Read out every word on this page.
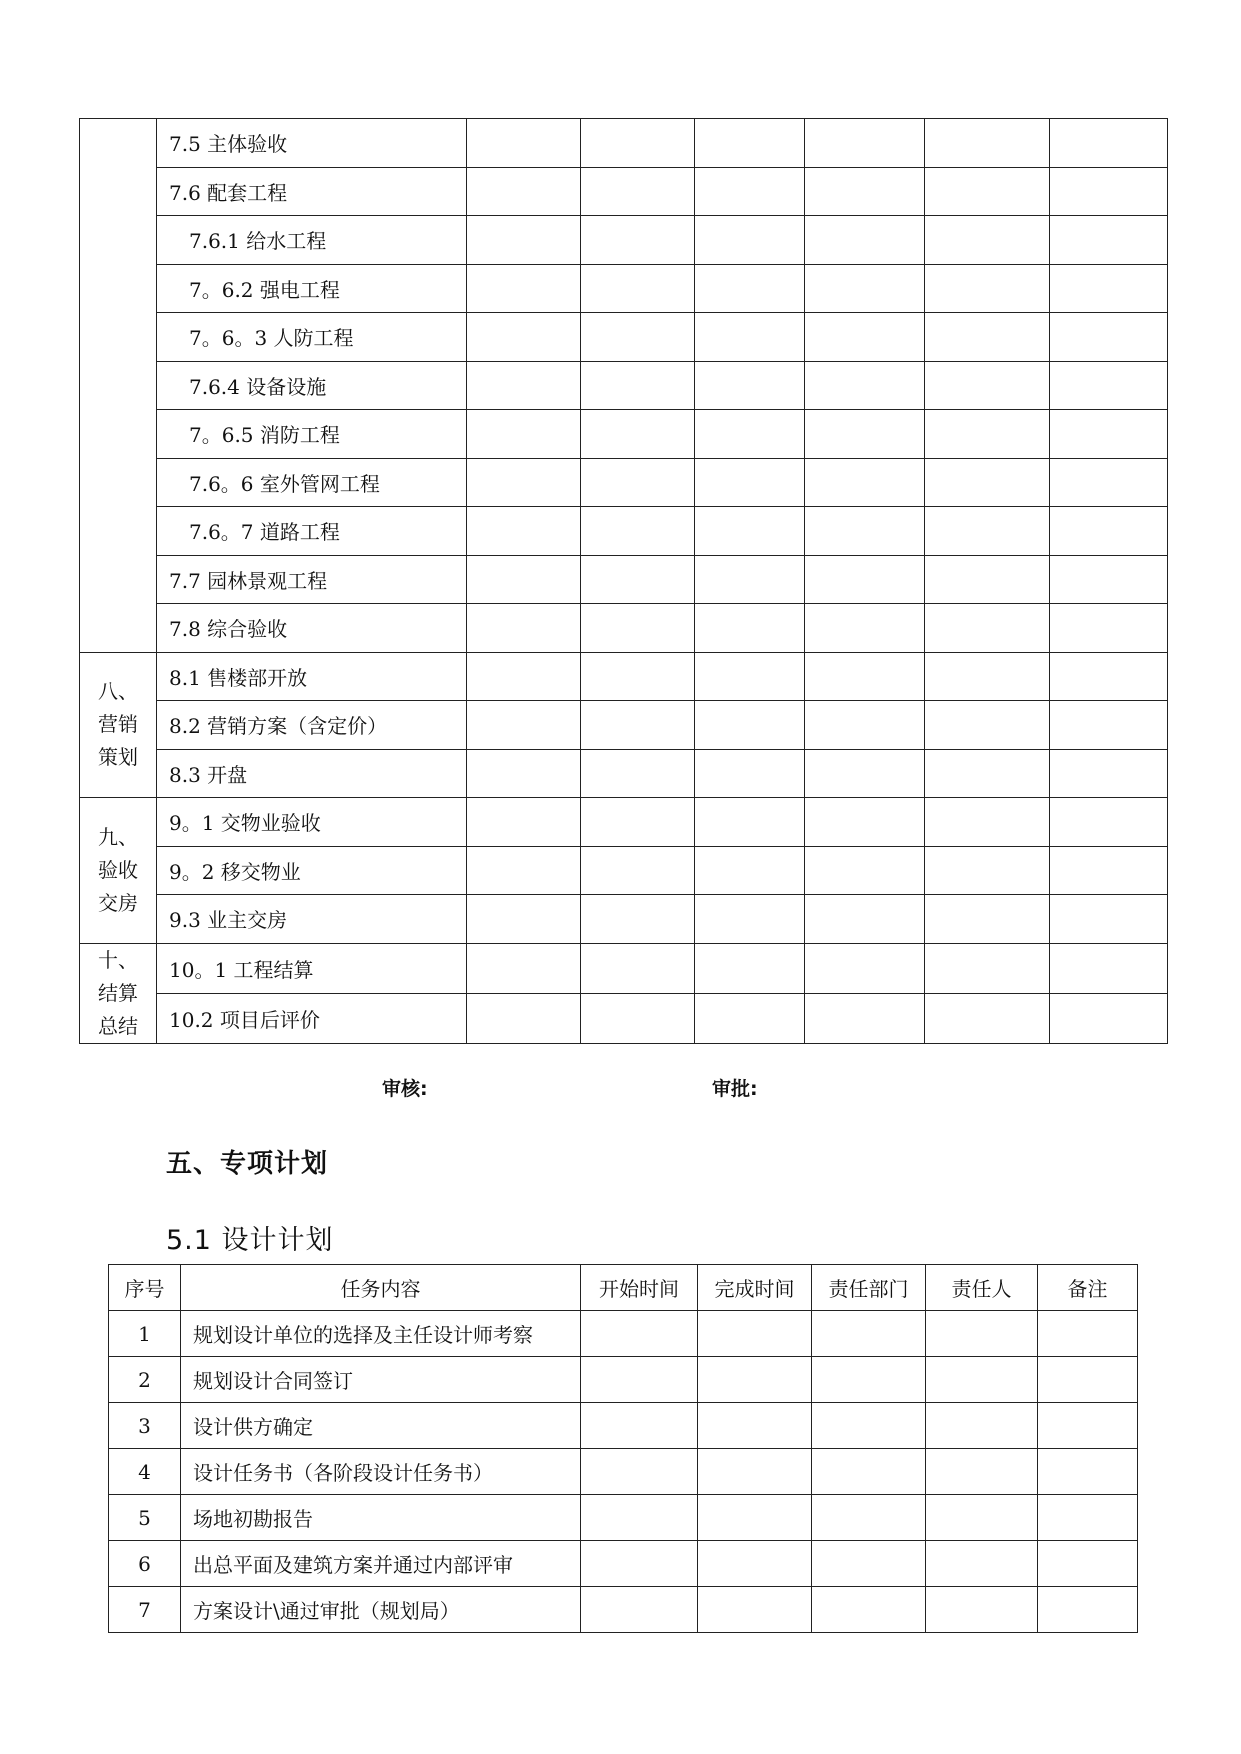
	7.5 主体验收						
	7.6 配套工程						
	7.6.1 给水工程						
	7。6.2 强电工程						
	7。6。3 人防工程						
	7.6.4 设备设施						
	7。6.5 消防工程						
	7.6。6 室外管网工程						
	7.6。7 道路工程						
	7.7 园林景观工程						
	7.8 综合验收						

八、
营销
策划	8.1 售楼部开放						
	8.2 营销方案（含定价）						
	8.3 开盘						

九、
验收
交房	9。1 交物业验收						
	9。2 移交物业						
	9.3 业主交房						

十、
结算
总结	10。1 工程结算						
	10.2 项目后评价						
审核:	审批:
五、专项计划
5.1 设计计划
序号	任务内容	开始时间	完成时间	责任部门	责任人	备注
1	规划设计单位的选择及主任设计师考察					
2	规划设计合同签订					
3	设计供方确定					
4	设计任务书（各阶段设计任务书）					
5	场地初勘报告					
6	出总平面及建筑方案并通过内部评审					
7	方案设计\通过审批（规划局）					
